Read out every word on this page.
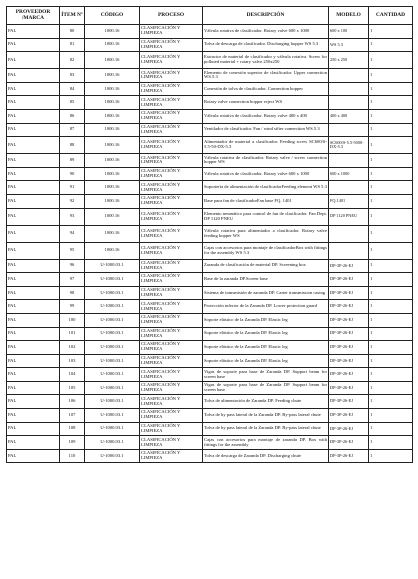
PROVEEDOR /MARCA	ÍTEM Nº	CÓDIGO	PROCESO	DESCRIPCIÓN	MODELO	CANTIDAD
PAL	80	1000.16	CLASIFICACIÓN Y LIMPIEZA	Válvula rotativa de clasificador. Rotary valve 600 x 1000	600 x 100	1
PAL	81	1000.16	CLASIFICACIÓN Y LIMPIEZA	Tolva de descarga de clasificador. Discharging hopper WS 5.3	WS 5.3	1
PAL	82	1000.16	CLASIFICACIÓN Y LIMPIEZA	Extractor de material de clasificador y válvula rotativa. Screw for polluted material + rotary valve 250x250	250 x 250	1
PAL	83	1000.16	CLASIFICACIÓN Y LIMPIEZA	Elemento de conexión superior de clasificador. Upper connection WS.5.3		1
PAL	84	1000.16	CLASIFICACIÓN Y LIMPIEZA	Conexión de tolva de clasificador. Connection hopper		1
PAL	85	1000.16	CLASIFICACIÓN Y LIMPIEZA	Rotary valve connection hopper reject WS		1
PAL	86	1000.16	CLASIFICACIÓN Y LIMPIEZA	Válvula rotativa de clasificador. Rotary valve 400 x 400	400 x 400	1
PAL	87	1000.16	CLASIFICACIÓN Y LIMPIEZA	Ventilador de clasificador. Fan / wind sifter connection WS.5.3		1
PAL	88	1000.16	CLASIFICACIÓN Y LIMPIEZA	Alimentador de material a clasificador. Feeding screw SC600/S-5.5-50-DX-5.3	SC600/S-5.5-5000-DX-5.3	1
PAL	89	1000.16	CLASIFICACIÓN Y LIMPIEZA	Válvula rotativa de clasificador. Rotary valve / screw connection hopper WS		1
PAL	90	1000.16	CLASIFICACIÓN Y LIMPIEZA	Válvula rotativa de clasificador. Rotary valve 600 x 1000	600 x 1000	1
PAL	91	1000.16	CLASIFICACIÓN Y LIMPIEZA	Soportería de alimentación de clasificadorFeeding element WS 5.3		1
PAL	92	1000.16	CLASIFICACIÓN Y LIMPIEZA	Base para fan de clasificadorFan base FQ. 1401	FQ.1401	1
PAL	93	1000.16	CLASIFICACIÓN Y LIMPIEZA	Elemento neumático para control de fan de clasificador. Fan Dept. DP 1120 PNEU	DP 1120 PNEU	1
PAL	94	1000.16	CLASIFICACIÓN Y LIMPIEZA	Válvula rotativa para alimentador a clasificador. Rotary valve feeding hopper WS		1
PAL	95	1000.16	CLASIFICACIÓN Y LIMPIEZA	Cajas con accesorios para montaje de clasificadorBox with fittings for the assembly WS 5.3		1
PAL	96	U-1000.03.1	CLASIFICACIÓN Y LIMPIEZA	Zaranda de clasificación de material DP. Screening box	DP-3P-26-EJ	1
PAL	97	U-1000.03.1	CLASIFICACIÓN Y LIMPIEZA	Base de la zaranda DP.Screen base	DP-3P-26-EJ	1
PAL	98	U-1000.03.1	CLASIFICACIÓN Y LIMPIEZA	Sistema de transmisión de zaranda DP. Carter transmission casing	DP-3P-26-EJ	1
PAL	99	U-1000.03.1	CLASIFICACIÓN Y LIMPIEZA	Protección inferior de la Zaranda DP. Lower protection guard	DP-3P-26-EJ	1
PAL	100	U-1000.03.1	CLASIFICACIÓN Y LIMPIEZA	Soporte elástico de la Zaranda DP. Elastic leg	DP-3P-26-EJ	1
PAL	101	U-1000.03.1	CLASIFICACIÓN Y LIMPIEZA	Soporte elástico de la Zaranda DP. Elastic leg	DP-3P-26-EJ	1
PAL	102	U-1000.03.1	CLASIFICACIÓN Y LIMPIEZA	Soporte elástico de la Zaranda DP. Elastic leg	DP-3P-26-EJ	1
PAL	103	U-1000.03.1	CLASIFICACIÓN Y LIMPIEZA	Soporte elástico de la Zaranda DP. Elastic leg	DP-3P-26-EJ	1
PAL	104	U-1000.03.1	CLASIFICACIÓN Y LIMPIEZA	Vigas de soporte para base de Zaranda DP. Support beam for screen base	DP-3P-26-EJ	1
PAL	105	U-1000.03.1	CLASIFICACIÓN Y LIMPIEZA	Vigas de soporte para base de Zaranda DP. Support beam for screen base	DP-3P-26-EJ	1
PAL	106	U-1000.03.1	CLASIFICACIÓN Y LIMPIEZA	Tolva de alimentación de Zaranda DP. Feeding chute	DP-3P-26-EJ	1
PAL	107	U-1000.03.1	CLASIFICACIÓN Y LIMPIEZA	Tolva de by pass lateral de la Zaranda DP. By-pass lateral chute	DP-3P-26-EJ	1
PAL	108	U-1000.03.1	CLASIFICACIÓN Y LIMPIEZA	Tolva de by pass lateral de la Zaranda DP. By-pass lateral chute	DP-3P-26-EJ	1
PAL	109	U-1000.03.1	CLASIFICACIÓN Y LIMPIEZA	Cajas con accesorios para montaje de zaranda DP. Box with fittings for the assembly	DP-3P-26-EJ	1
PAL	110	U-1000.03.1	CLASIFICACIÓN Y LIMPIEZA	Tolva de descarga de Zaranda DP. Discharging chute	DP-3P-26-EJ	1
